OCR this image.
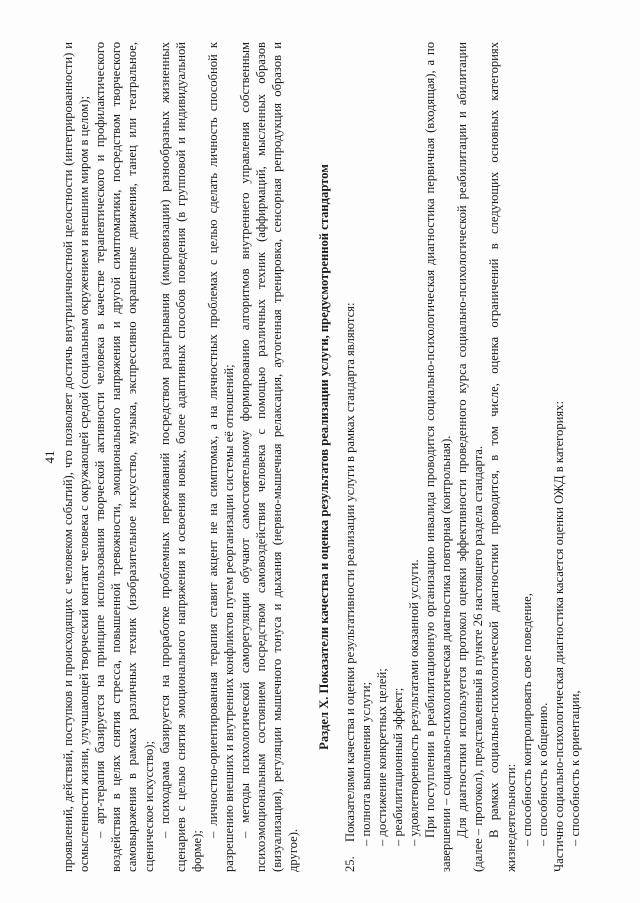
41 проявлений, действий, поступков и происходящих с человеком событий), что позволяет достичь внутриличностной целостности (интегрированности) и осмысленности жизни, улучшающей творческий контакт человека с окружающей средой (социальным окружением и внешним миром в целом); – арт-терапия базируется на принципе использования творческой активности человека в качестве терапевтического и профилактического воздействия в целях снятия стресса, повышенной тревожности, эмоционального напряжения и другой симптоматики, посредством творческого самовыражения в рамках различных техник (изобразительное искусство, музыка, экспрессивно окрашенные движения, танец или театральное, сценическое искусство); – психодрама базируется на проработке проблемных переживаний посредством разыгрывания (импровизации) разнообразных жизненных сценариев с целью снятия эмоционального напряжения и освоения новых, более адаптивных способов поведения (в групповой и индивидуальной форме);

– личностно-ориентированная терапия ставит акцент не на симптомах, а на личностных проблемах с целью сделать личность способной к разрешению внешних и внутренних конфликтов путем реорганизации системы её отношений; – методы психологической саморегуляции обучают самостоятельному формированию алгоритмов внутреннего управления собственным психоэмоциональным состоянием посредством самовоздействия человека с помощью различных техник (аффирмаций, мысленных образов (визуализация), регуляции мышечного тонуса и дыхания (нервно-мышечная релаксация, аутогенная тренировка, сенсорная репродукция образов и другое).

Раздел X. Показатели качества и оценка результатов реализации услуги, предусмотренной стандартом

25.Показателями качества и оценки результативности реализации услуги в рамках стандарта являются: – полнота выполнения услуги; – достижение конкретных целей; – реабилитационный эффект; – удовлетворенность результатами оказанной услуги. При поступлении в реабилитационную организацию инвалида проводится социально-психологическая диагностика первичная (входящая), а по завершении – социально-психологическая диагностика повторная (контрольная). Для диагностики используется протокол оценки эффективности проведенного курса социально-психологической реабилитации и абилитации (далее – протокол), представленный в пункте 26 настоящего раздела стандарта. В рамках социально-психологической диагностики проводится, в том числе, оценка ограничений в следующих основных категориях жизнедеятельности: – способность контролировать свое поведение, – способность к общению. Частично социально-психологическая диагностика касается оценки ОЖД в категориях: – способность к ориентации,
